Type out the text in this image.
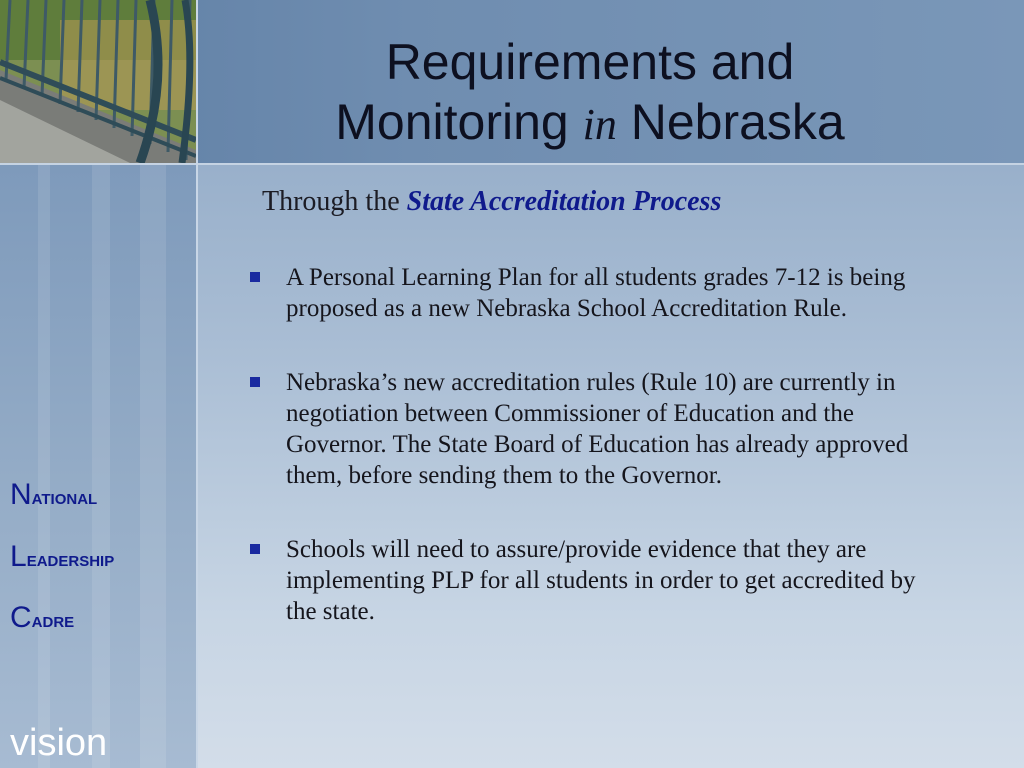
Requirements and
Monitoring in Nebraska
Through the State Accreditation Process
A Personal Learning Plan for all students grades 7-12 is being proposed as a new Nebraska School Accreditation Rule.
Nebraska’s new accreditation rules (Rule 10) are currently in negotiation between Commissioner of Education and the Governor. The State Board of Education has already approved them, before sending them to the Governor.
Schools will need to assure/provide evidence that they are implementing PLP for all students in order to get accredited by the state.
NATIONAL
LEADERSHIP
CADRE
vision
